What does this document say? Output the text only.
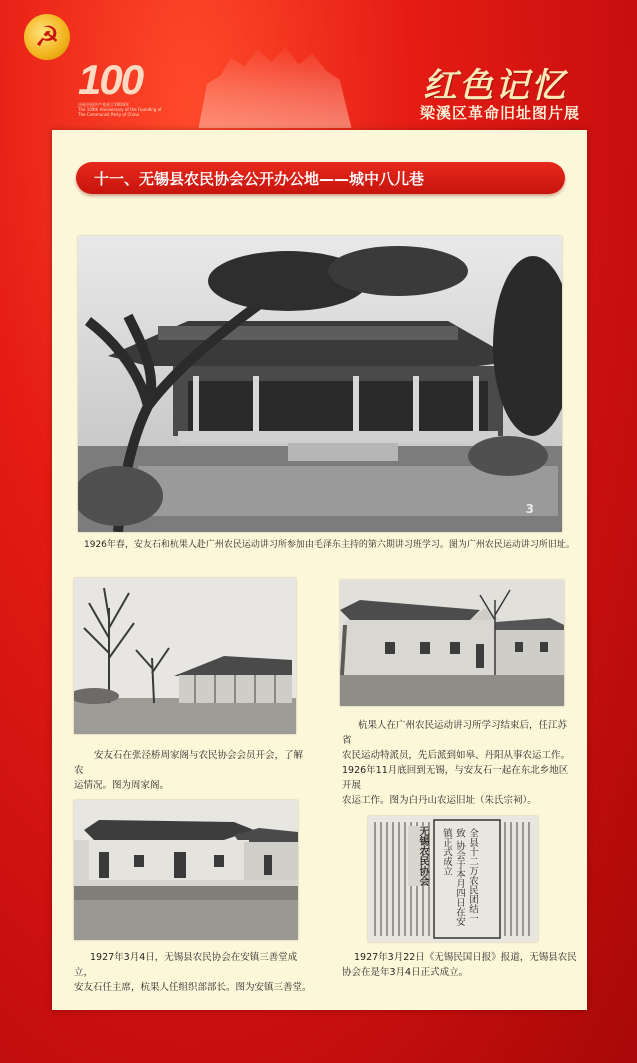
☭
100
庆祝中国共产党成立100周年
The 100th Anniversary of the Founding of The Communist Party of China
红色记忆
梁溪区革命旧址图片展
十一、无锡县农民协会公开办公地——城中八儿巷
3
1926年春，安友石和杭果人赴广州农民运动讲习所参加由毛泽东主持的第六期讲习班学习。图为广州农民运动讲习所旧址。
安友石在张泾桥周家阁与农民协会会员开会，了解农
运情况。图为周家阁。
杭果人在广州农民运动讲习所学习结束后，任江苏省
农民运动特派员，先后派到如皋、丹阳从事农运工作。
1926年11月底回到无锡，与安友石一起在东北乡地区开展
农运工作。图为白丹山农运旧址（朱氏宗祠）。
1927年3月4日，无锡县农民协会在安镇三善堂成立，
安友石任主席，杭果人任组织部部长。图为安镇三善堂。
无锡农民协会	全县十二万农民团结一致 协会于本月四日在安镇正式成立
1927年3月22日《无锡民国日报》报道，无锡县农民
协会在是年3月4日正式成立。
